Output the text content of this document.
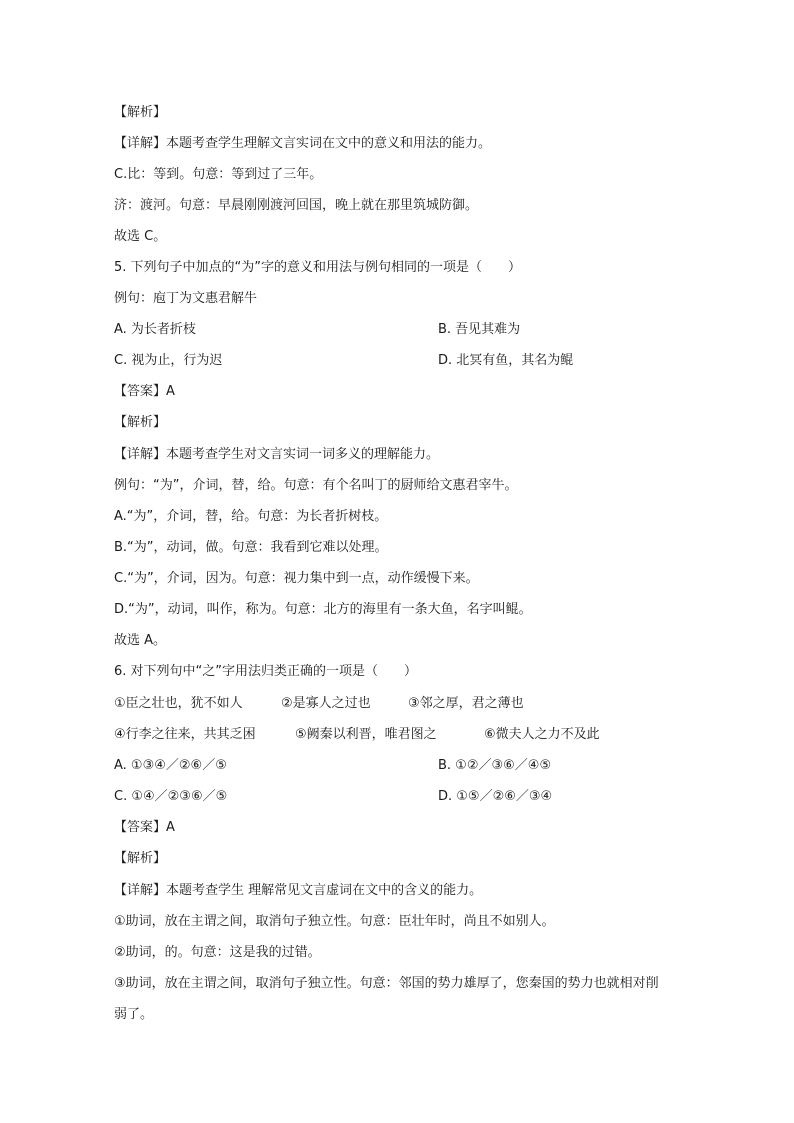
【解析】
【详解】本题考查学生理解文言实词在文中的意义和用法的能力。
C.比：等到。句意：等到过了三年。
济：渡河。句意：早晨刚刚渡河回国，晚上就在那里筑城防御。
故选 C。
5. 下列句子中加点的“为”字的意义和用法与例句相同的一项是（　　）
例句：庖丁为文惠君解牛
A. 为长者折枝	B. 吾见其难为
C. 视为止，行为迟	D. 北冥有鱼，其名为鲲
【答案】A
【解析】
【详解】本题考查学生对文言实词一词多义的理解能力。
例句：“为”，介词，替，给。句意：有个名叫丁的厨师给文惠君宰牛。
A.“为”，介词，替，给。句意：为长者折树枝。
B.“为”，动词，做。句意：我看到它难以处理。
C.“为”，介词，因为。句意：视力集中到一点，动作缓慢下来。
D.“为”，动词，叫作，称为。句意：北方的海里有一条大鱼，名字叫鲲。
故选 A。
6. 对下列句中“之”字用法归类正确的一项是（　　）
①臣之壮也，犹不如人	②是寡人之过也	③邻之厚，君之薄也
④行李之往来，共其乏困	⑤阙秦以利晋，唯君图之	⑥微夫人之力不及此
A. ①③④／②⑥／⑤	B. ①②／③⑥／④⑤
C. ①④／②③⑥／⑤	D. ①⑤／②⑥／③④
【答案】A
【解析】
【详解】本题考查学生 理解常见文言虚词在文中的含义的能力。
①助词，放在主谓之间，取消句子独立性。句意：臣壮年时，尚且不如别人。
②助词，的。句意：这是我的过错。
③助词，放在主谓之间，取消句子独立性。句意：邻国的势力雄厚了，您秦国的势力也就相对削
弱了。
